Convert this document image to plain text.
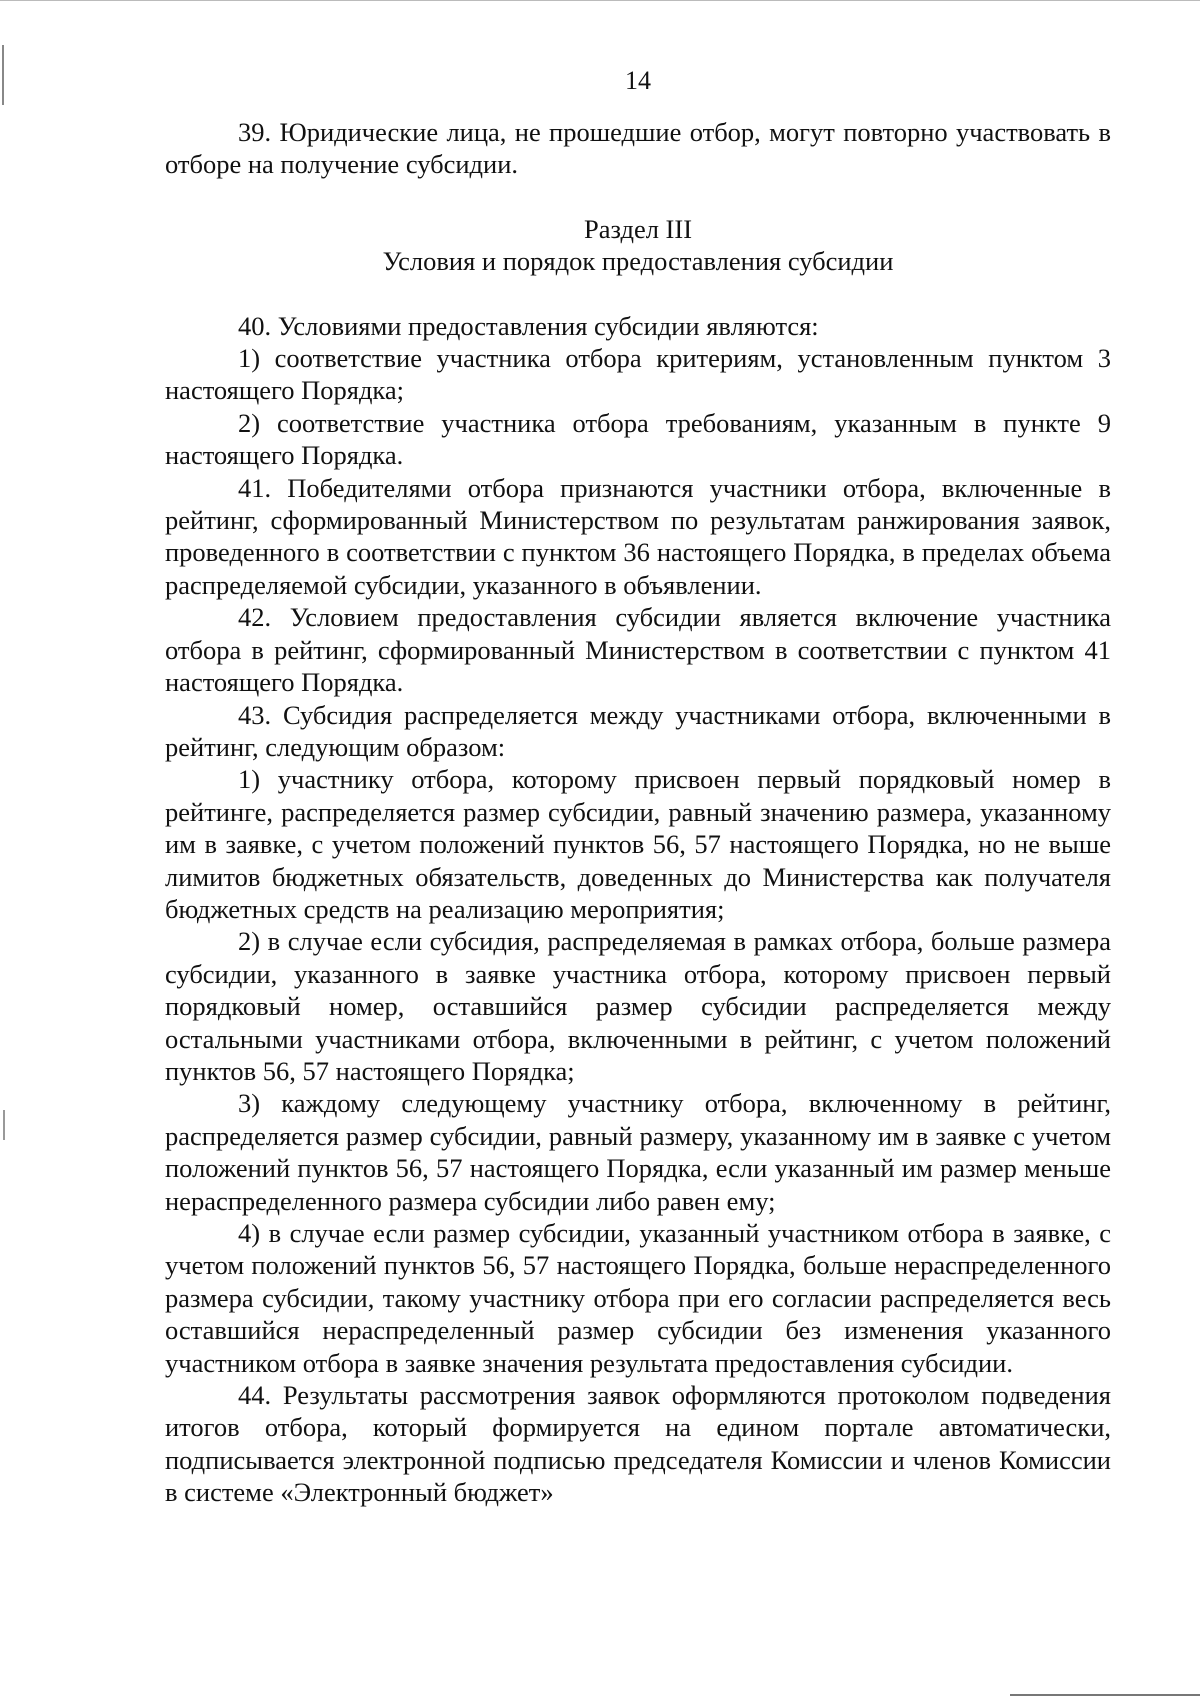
14

39. Юридические лица, не прошедшие отбор, могут повторно участвовать в отборе на получение субсидии.

Раздел III

Условия и порядок предоставления субсидии

40. Условиями предоставления субсидии являются:

1) соответствие участника отбора критериям, установленным пунктом 3 настоящего Порядка;

2) соответствие участника отбора требованиям, указанным в пункте 9 настоящего Порядка.

41. Победителями отбора признаются участники отбора, включенные в рейтинг, сформированный Министерством по результатам ранжирования заявок, проведенного в соответствии с пунктом 36 настоящего Порядка, в пределах объема распределяемой субсидии, указанного в объявлении.

42. Условием предоставления субсидии является включение участника отбора в рейтинг, сформированный Министерством в соответствии с пунктом 41 настоящего Порядка.

43. Субсидия распределяется между участниками отбора, включенными в рейтинг, следующим образом:

1) участнику отбора, которому присвоен первый порядковый номер в рейтинге, распределяется размер субсидии, равный значению размера, указанному им в заявке, с учетом положений пунктов 56, 57 настоящего Порядка, но не выше лимитов бюджетных обязательств, доведенных до Министерства как получателя бюджетных средств на реализацию мероприятия;

2) в случае если субсидия, распределяемая в рамках отбора, больше размера субсидии, указанного в заявке участника отбора, которому присвоен первый порядковый номер, оставшийся размер субсидии распределяется между остальными участниками отбора, включенными в рейтинг, с учетом положений пунктов 56, 57 настоящего Порядка;

3) каждому следующему участнику отбора, включенному в рейтинг, распределяется размер субсидии, равный размеру, указанному им в заявке с учетом положений пунктов 56, 57 настоящего Порядка, если указанный им размер меньше нераспределенного размера субсидии либо равен ему;

4) в случае если размер субсидии, указанный участником отбора в заявке, с учетом положений пунктов 56, 57 настоящего Порядка, больше нераспределенного размера субсидии, такому участнику отбора при его согласии распределяется весь оставшийся нераспределенный размер субсидии без изменения указанного участником отбора в заявке значения результата предоставления субсидии.

44. Результаты рассмотрения заявок оформляются протоколом подведения итогов отбора, который формируется на едином портале автоматически, подписывается электронной подписью председателя Комиссии и членов Комиссии в системе «Электронный бюджет»
